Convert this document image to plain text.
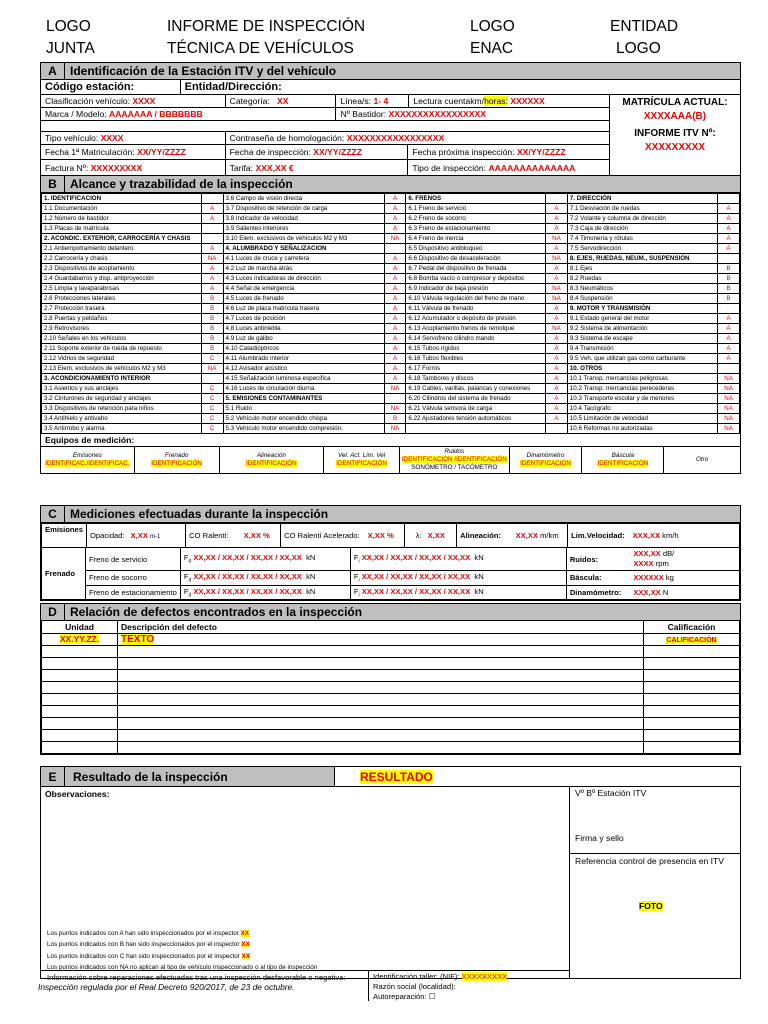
LOGO
JUNTA
INFORME DE INSPECCIÓN
TÉCNICA DE VEHÍCULOS
LOGO
ENAC
ENTIDAD
LOGO
A	Identificación de la Estación ITV y del vehículo
Código estación:	Entidad/Dirección:
Clasificación vehículo:
XXXX	Categoría:
XX	Línea/s:
1- 4	Lectura cuentakm/ horas:
XXXXXX
Marca / Modelo:
AAAAAAA / BBBBBBB	Nº Bastidor:
XXXXXXXXXXXXXXXXX
Tipo vehículo:
XXXX	Contraseña de homologación:
XXXXXXXXXXXXXXXXX
Fecha 1ª Matriculación:
XX/YY/ZZZZ	Fecha de inspección:
XX/YY/ZZZZ	Fecha próxima inspección:
XX/YY/ZZZZ
Factura Nº:
XXXXXXXXX	Tarifa:
XXX,XX €	Tipo de inspección:
AAAAAAAAAAAAAA
MATRÍCULA ACTUAL:
XXXXAAA(B)
INFORME ITV Nº:
XXXXXXXXX
B	Alcance y trazabilidad de la inspección
1. IDENTIFICACION		3.6 Campo de visión directa	A	6. FRENOS		7. DIRECCIÓN	
1.1 Documentación	A	3.7 Dispositivo de retención de carga	A	6.1 Freno de servicio	A	7.1 Desviación de ruedas	A
1.2 Número de bastidor	A	3.8 Indicador de velocidad	A	6.2 Freno de socorro	A	7.2 Volante y columna de dirección	A
1.3 Placas de matrícula		3.9 Salientes interiores	A	6.3 Freno de estacionamiento	A	7.3 Caja de dirección	A
2. ACONDIC. EXTERIOR, CARROCERÍA Y CHASIS		3.10 Elem. exclusivos de vehículos M2 y M3	NA	6.4 Freno de inercia	NA	7.4 Timonería y rótulas	A
2.1 Antiempotramiento delantero	A	4. ALUMBRADO Y SEÑALIZACION		6.5 Dispositivo antibloqueo	A	7.5 Servodirección	A
2.2 Carrocería y chasis	NA	4.1 Luces de cruce y carretera	A	6.6 Dispositivo de desaceleración	NA	8. EJES, RUEDAS, NEUM., SUSPENSIÓN	
2.3 Dispositivos de acoplamiento	A	4.2 Luz de marcha atrás	A	6.7 Pedal del dispositivo de frenada	A	8.1 Ejes	B
2.4 Guardabarros y disp. antiproyección	A	4.3 Luces indicadoras de dirección	A	6.8 Bomba vacío o compresor y depósitos	A	8.2 Ruedas	B
2.5 Limpia y lavaparabrisas	A	4.4 Señal de emergencia	A	6.9 Indicador de baja presión	NA	8.3 Neumáticos	B
2.6 Protecciones laterales	B	4.5 Luces de frenado	A	6.10 Válvula regulación del freno de mano	NA	8.4 Suspensión	B
2.7 Protección trasera	B	4.6 Luz de placa matrícula trasera	A	6.11 Válvula de frenado	A	9. MOTOR Y TRANSMISIÓN	
2.8 Puertas y peldaños	B	4.7 Luces de posición	A	6.12 Acumulador o depósito de presión	A	9.1 Estado general del motor	A
2.9 Retrovisores	B	4.8 Luces antiniebla	A	6.13 Acoplamiento frenos de remolque	NA	9.2 Sistema de alimentación	A
2.10 Señales en los vehículos	B	4.9 Luz de gálibo	A	6.14 Servofreno cilindro mando	A	9.3 Sistema de escape	A
2.11 Soporte exterior de rueda de repuesto	B	4.10 Catadióptricos	A	6.15 Tubos rígidos	A	9.4 Transmisión	A
2.12 Vidrios de seguridad	C	4.11 Alumbrado interior	A	6.16 Tubos flexibles	A	9.5 Veh. que utilizan gas como carburante	A
2.13 Elem. exclusivos de vehículos M2 y M3	NA	4.12 Avisador acústico	A	6.17 Forros	A	10. OTROS	
3. ACONDICIONAMIENTO INTERIOR		4.15 Señalización luminosa específica	A	6.18 Tambores y discos	A	10.1 Transp. mercancías peligrosas	NA
3.1 Asientos y sus anclajes	C	4.16 Luces de circulación diurna	NA	6.19 Cables, varillas, palancas y conexiones	A	10.2 Transp. mercancías perecederas	NA
3.2 Cinturones de seguridad y anclajes	C	5. EMISIONES CONTAMINANTES		6.20 Cilindros del sistema de frenado	A	10.3 Transporte escolar y de menores	NA
3.3 Dispositivos de retención para niños	C	5.1 Ruido	NA	6.21 Válvula sensora de carga	A	10.4 Tacógrafo	NA
3.4 Antihielo y antivaho	C	5.2 Vehículo motor encendido chispa	B	6.22 Ajustadores tensión automáticos	A	10.5 Limitación de velocidad	NA
3.5 Antirrobo y alarma	C	5.3 Vehículo motor encendido compresión.	NA			10.6 Reformas no autorizadas	NA
Equipos de medición:
Emisiones
IDENTIFICAC./IDENTIFICAC.
Frenado
IDENTIFICACIÓN
Alineación
IDENTIFICACIÓN
Vel. Act. Lim. Vel
IDENTIFICACIÓN
Ruidos
IDENTIFICACIÓN /IDENTIFICACIÓN
SONÓMETRO / TACÓMETRO
Dinamómetro
IDENTIFICACIÓN
Báscula
IDENTIFICACIÓN
Otro
C	Mediciones efectuadas durante la inspección
Emisiones	Opacidad:	X,XX m-1	CO Ralentí:	X,XX %	CO Ralentí Acelerado:	X,XX %	λ:	X,XX	Alineación:	XX,XX m/km	Lim.Velocidad:	XXX,XX km/h
Frenado	Freno de servicio	$F_d$ XX,XX / XX,XX / XX,XX / XX,XX kN	$F_i$ XX,XX / XX,XX / XX,XX / XX,XX kN	Ruidos:	XXX,XX dB/
XXXX rpm
	Freno de socorro	$F_d$ XX,XX / XX,XX / XX,XX / XX,XX kN	$F_i$ XX,XX / XX,XX / XX,XX / XX,XX kN	Báscula:	XXXXXX kg
	Freno de estacionamiento	$F_d$ XX,XX / XX,XX / XX,XX / XX,XX kN	$F_i$ XX,XX / XX,XX / XX,XX / XX,XX kN	Dinamómetro:	XXX,XX N
D	Relación de defectos encontrados en la inspección
Unidad	Descripción del defecto	Calificación
XX.YY.ZZ.	TEXTO	CALIFICACIÓN

E	Resultado de la inspección	RESULTADO
Observaciones:
Los puntos indicados con A han sido inspeccionados por el inspector XX
Los puntos indicados con B han sido inspeccionados por el inspector XX
Los puntos indicados con C han sido inspeccionados por el inspector XX
Los puntos indicados con NA no aplican al tipo de vehículo inspeccionado o al tipo de inspección
Información sobre reparaciones efectuadas tras una inspección desfavorable o negativa:	Identificación taller: (NIF): XXXXXXXXX
Razón social (localidad):
Autoreparación: ☐
Vº Bº Estación ITV
Firma y sello
Referencia control de presencia en ITV
FOTO
Inspección regulada por el Real Decreto 920/2017, de 23 de octubre.
